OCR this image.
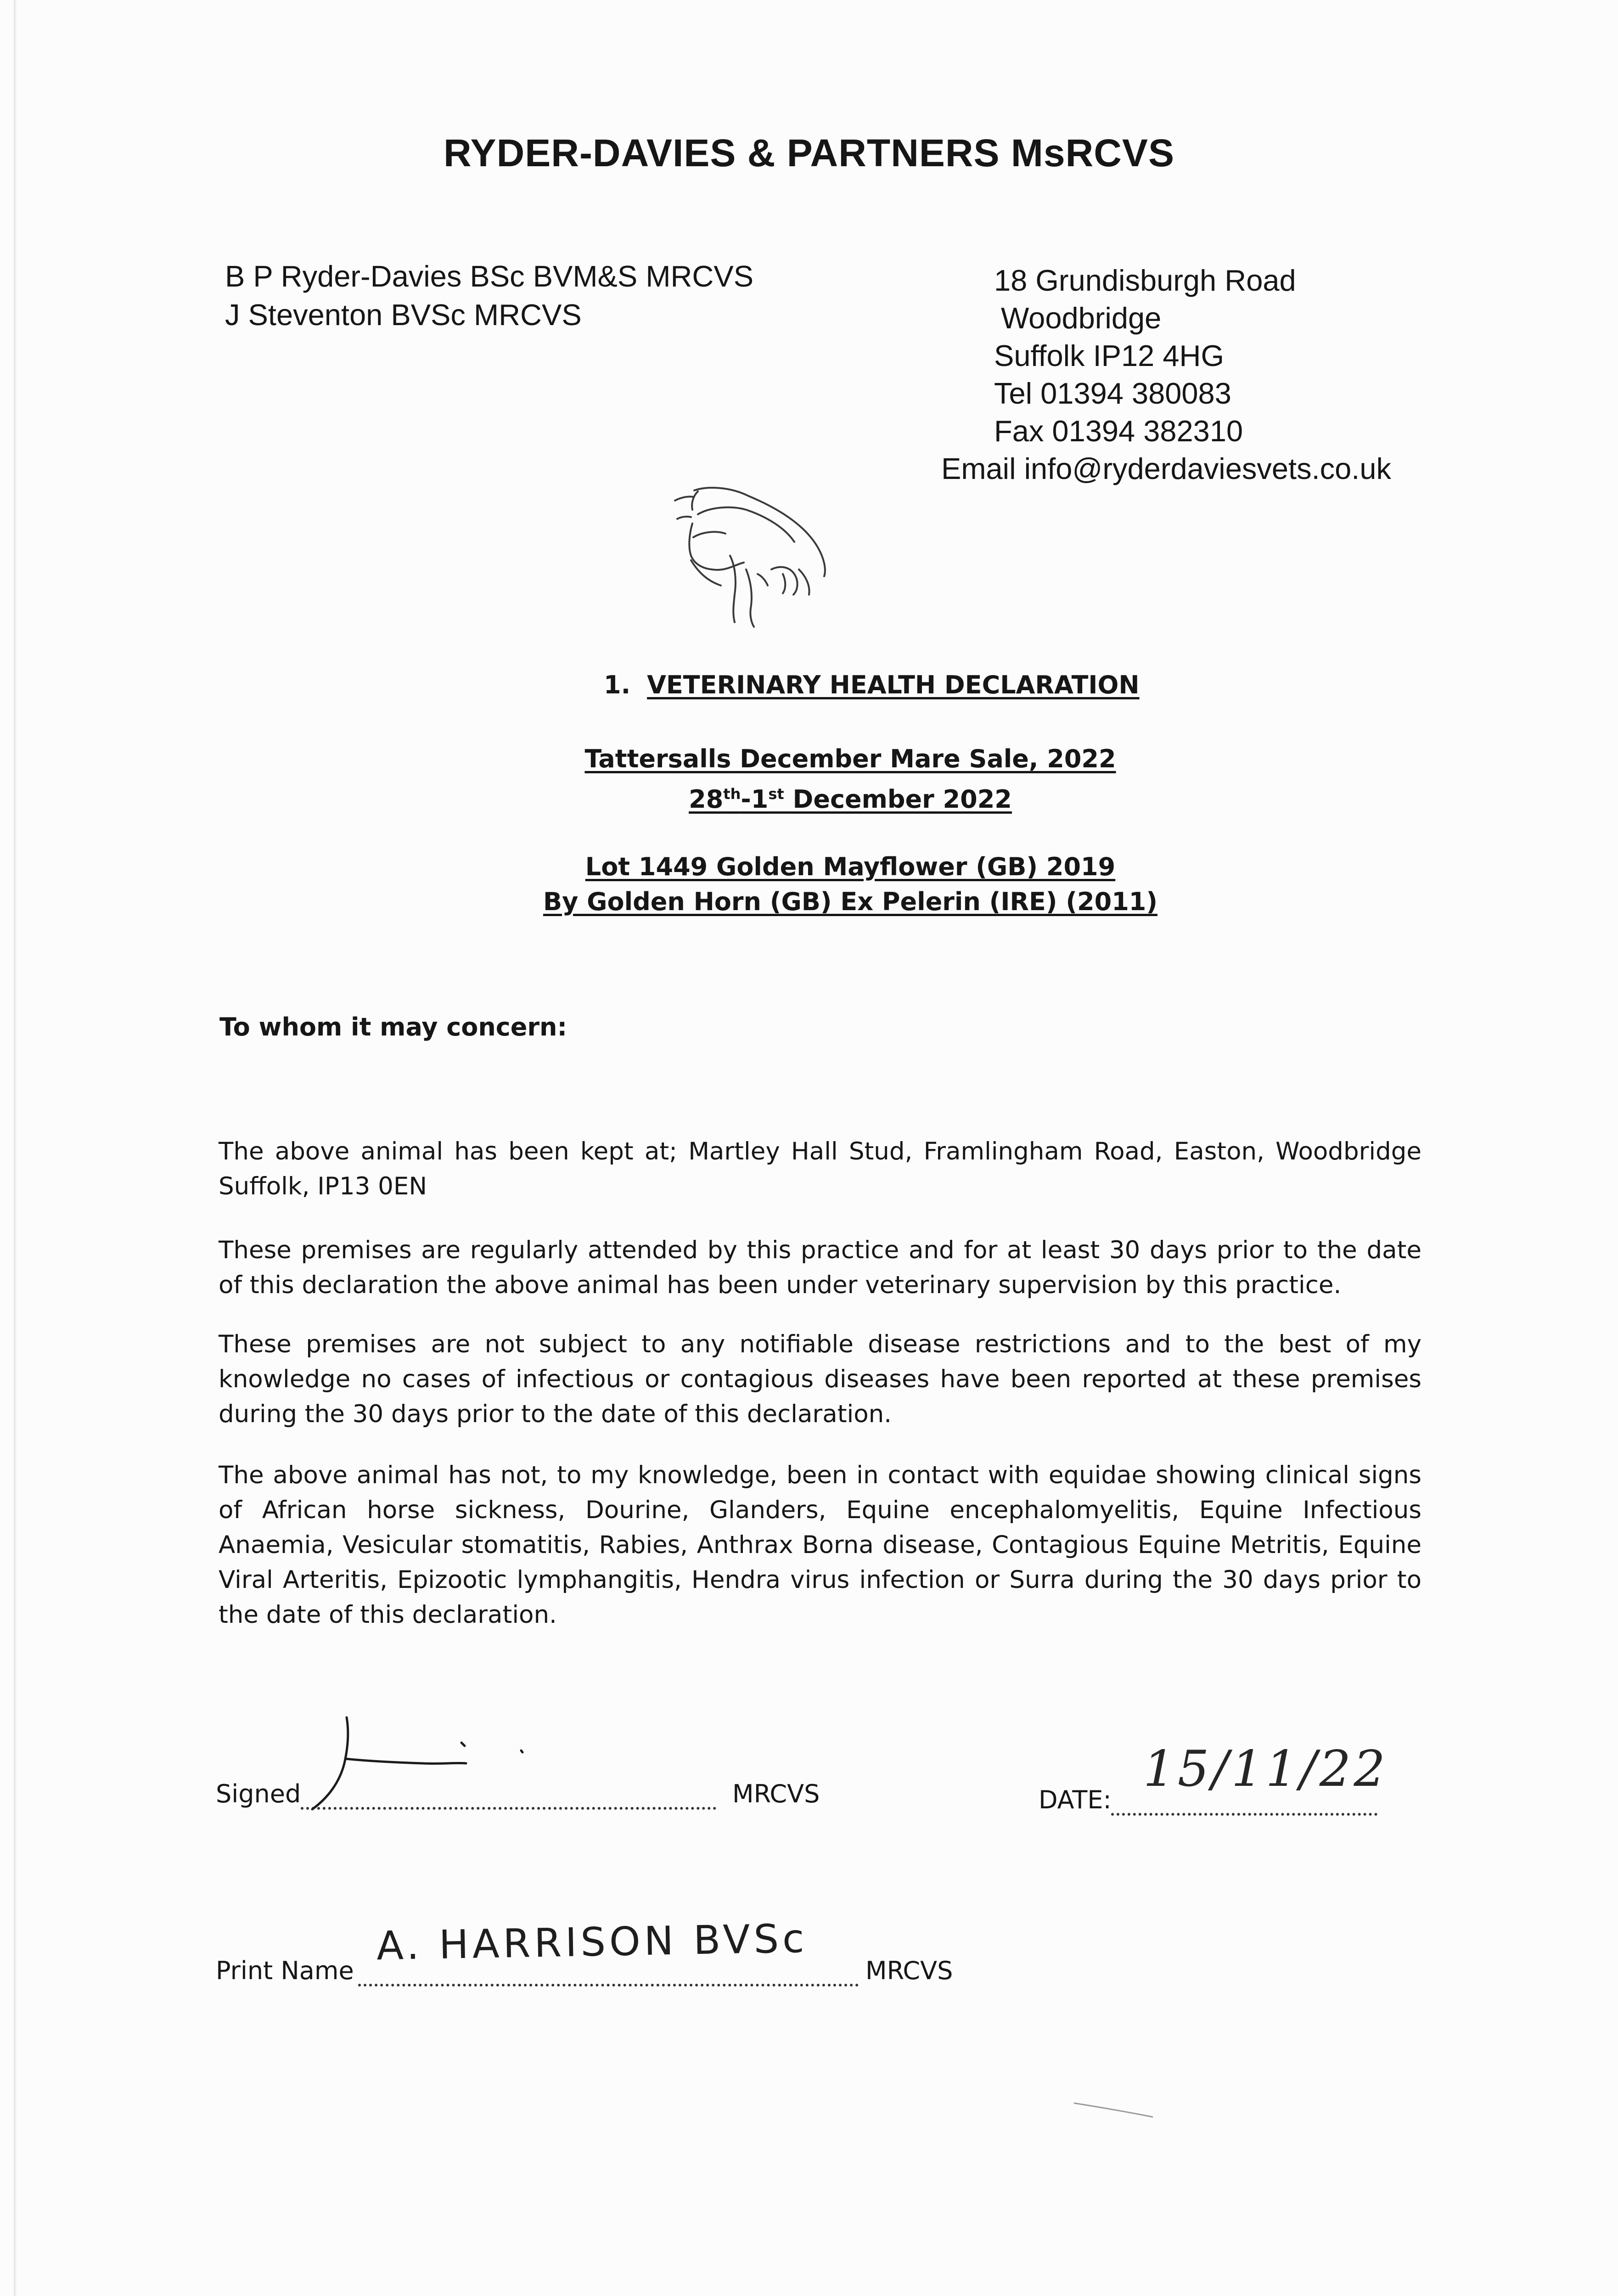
RYDER-DAVIES & PARTNERS MsRCVS
B P Ryder-Davies BSc BVM&S MRCVS
J Steventon BVSc MRCVS
18 Grundisburgh Road
Woodbridge
Suffolk IP12 4HG
Tel 01394 380083
Fax 01394 382310
Email info@ryderdaviesvets.co.uk
1. VETERINARY HEALTH DECLARATION
Tattersalls December Mare Sale, 2022
28th-1st December 2022
Lot 1449 Golden Mayflower (GB) 2019
By Golden Horn (GB) Ex Pelerin (IRE) (2011)
To whom it may concern:
The above animal has been kept at; Martley Hall Stud, Framlingham Road, Easton, Woodbridge Suffolk, IP13 0EN
These premises are regularly attended by this practice and for at least 30 days prior to the date of this declaration the above animal has been under veterinary supervision by this practice.
These premises are not subject to any notifiable disease restrictions and to the best of my knowledge no cases of infectious or contagious diseases have been reported at these premises during the 30 days prior to the date of this declaration.
The above animal has not, to my knowledge, been in contact with equidae showing clinical signs of African horse sickness, Dourine, Glanders, Equine encephalomyelitis, Equine Infectious Anaemia, Vesicular stomatitis, Rabies, Anthrax Borna disease, Contagious Equine Metritis, Equine Viral Arteritis, Epizootic lymphangitis, Hendra virus infection or Surra during the 30 days prior to the date of this declaration.
Signed	MRCVS	DATE:
15/11/22
Print Name
A. HARRISON BVSc
MRCVS
